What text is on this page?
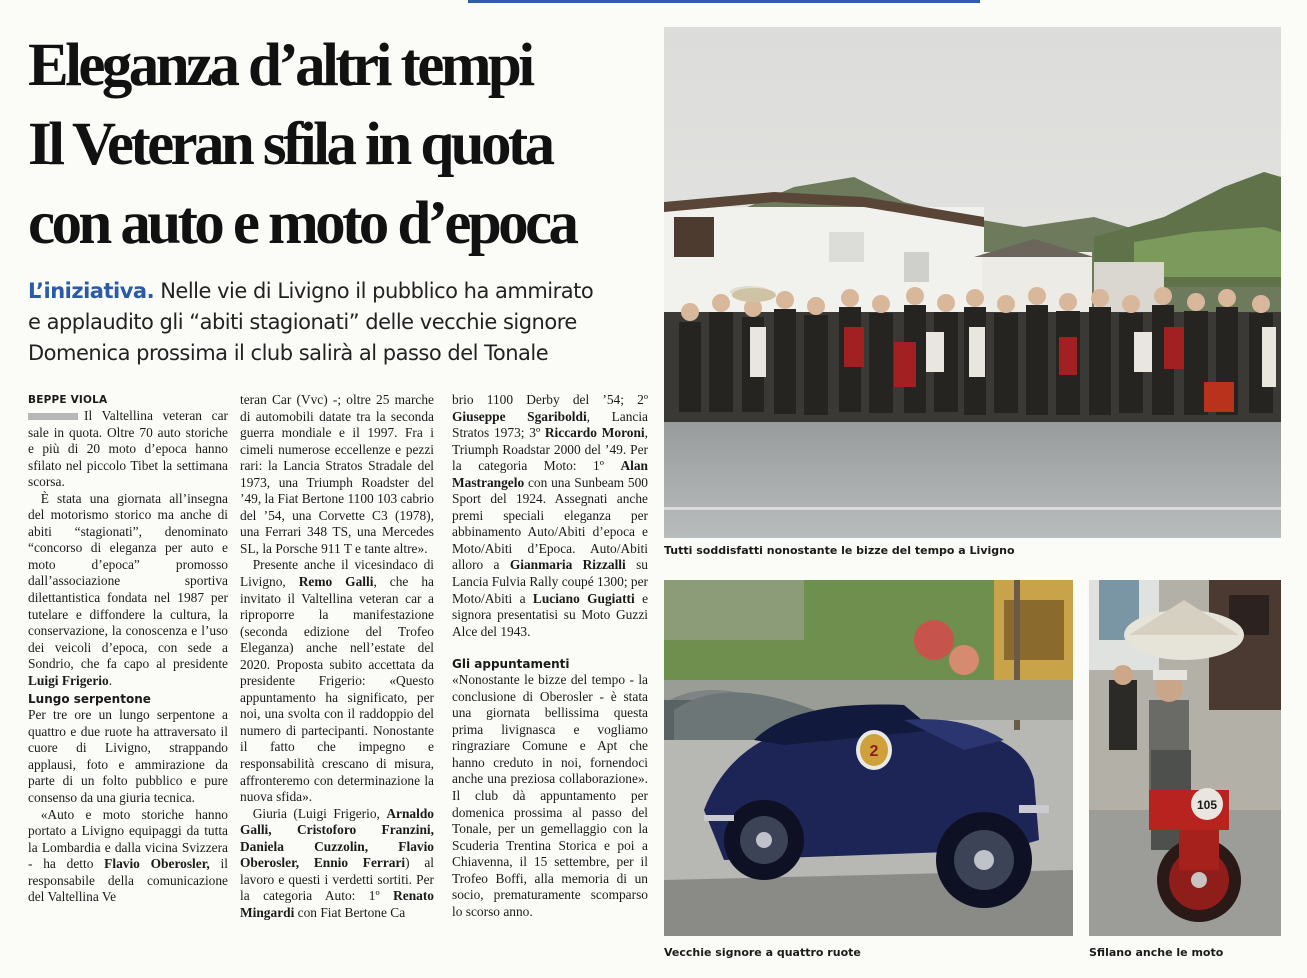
Eleganza d’altri tempi
Il Veteran sfila in quota
con auto e moto d’epoca
L’iniziativa. Nelle vie di Livigno il pubblico ha ammirato
e applaudito gli “abiti stagionati” delle vecchie signore
Domenica prossima il club salirà al passo del Tonale

BEPPE VIOLA

Il Valtellina veteran car sale in quota. Oltre 70 auto storiche e più di 20 moto d’epoca hanno sfilato nel piccolo Tibet la settimana scorsa.

È stata una giornata all’insegna del motorismo storico ma anche di abiti “stagionati”, denominato “concorso di eleganza per auto e moto d’epoca” promosso dall’associazione sportiva dilettantistica fondata nel 1987 per tutelare e diffondere la cultura, la conservazione, la conoscenza e l’uso dei veicoli d’epoca, con sede a Sondrio, che fa capo al presidente Luigi Frigerio.

Lungo serpentone

Per tre ore un lungo serpentone a quattro e due ruote ha attraversato il cuore di Livigno, strappando applausi, foto e ammirazione da parte di un folto pubblico e pure consenso da una giuria tecnica.

«Auto e moto storiche hanno portato a Livigno equipaggi da tutta la Lombardia e dalla vicina Svizzera - ha detto Flavio Oberosler, il responsabile della comunicazione del Valtellina Ve

teran Car (Vvc) -; oltre 25 marche di automobili datate tra la seconda guerra mondiale e il 1997. Fra i cimeli numerose eccellenze e pezzi rari: la Lancia Stratos Stradale del 1973, una Triumph Roadster del ’49, la Fiat Bertone 1100 103 cabrio del ’54, una Corvette C3 (1978), una Ferrari 348 TS, una Mercedes SL, la Porsche 911 T e tante altre».

Presente anche il vicesindaco di Livigno, Remo Galli, che ha invitato il Valtellina veteran car a riproporre la manifestazione (seconda edizione del Trofeo Eleganza) anche nell’estate del 2020. Proposta subito accettata da presidente Frigerio: «Questo appuntamento ha significato, per noi, una svolta con il raddoppio del numero di partecipanti. Nonostante il fatto che impegno e responsabilità crescano di misura, affronteremo con determinazione la nuova sfida».

Giuria (Luigi Frigerio, Arnaldo Galli, Cristoforo Franzini, Daniela Cuzzolin, Flavio Oberosler, Ennio Ferrari) al lavoro e questi i verdetti sortiti. Per la categoria Auto: 1º Renato Mingardi con Fiat Bertone Ca

brio 1100 Derby del ’54; 2º Giuseppe Sgariboldi, Lancia Stratos 1973; 3º Riccardo Moroni, Triumph Roadstar 2000 del ’49. Per la categoria Moto: 1º Alan Mastrangelo con una Sunbeam 500 Sport del 1924. Assegnati anche premi speciali eleganza per abbinamento Auto/Abiti d’epoca e Moto/Abiti d’Epoca. Auto/Abiti alloro a Gianmaria Rizzalli su Lancia Fulvia Rally coupé 1300; per Moto/Abiti a Luciano Gugiatti e signora presentatisi su Moto Guzzi Alce del 1943.

Gli appuntamenti

«Nonostante le bizze del tempo - la conclusione di Oberosler - è stata una giornata bellissima questa prima livignasca e vogliamo ringraziare Comune e Apt che hanno creduto in noi, fornendoci anche una preziosa collaborazione». Il club dà appuntamento per domenica prossima al passo del Tonale, per un gemellaggio con la Scuderia Trentina Storica e poi a Chiavenna, il 15 settembre, per il Trofeo Boffi, alla memoria di un socio, prematuramente scomparso lo scorso anno.

Tutti soddisfatti nonostante le bizze del tempo a Livigno
2
Vecchie signore a quattro ruote
105
Sfilano anche le moto
